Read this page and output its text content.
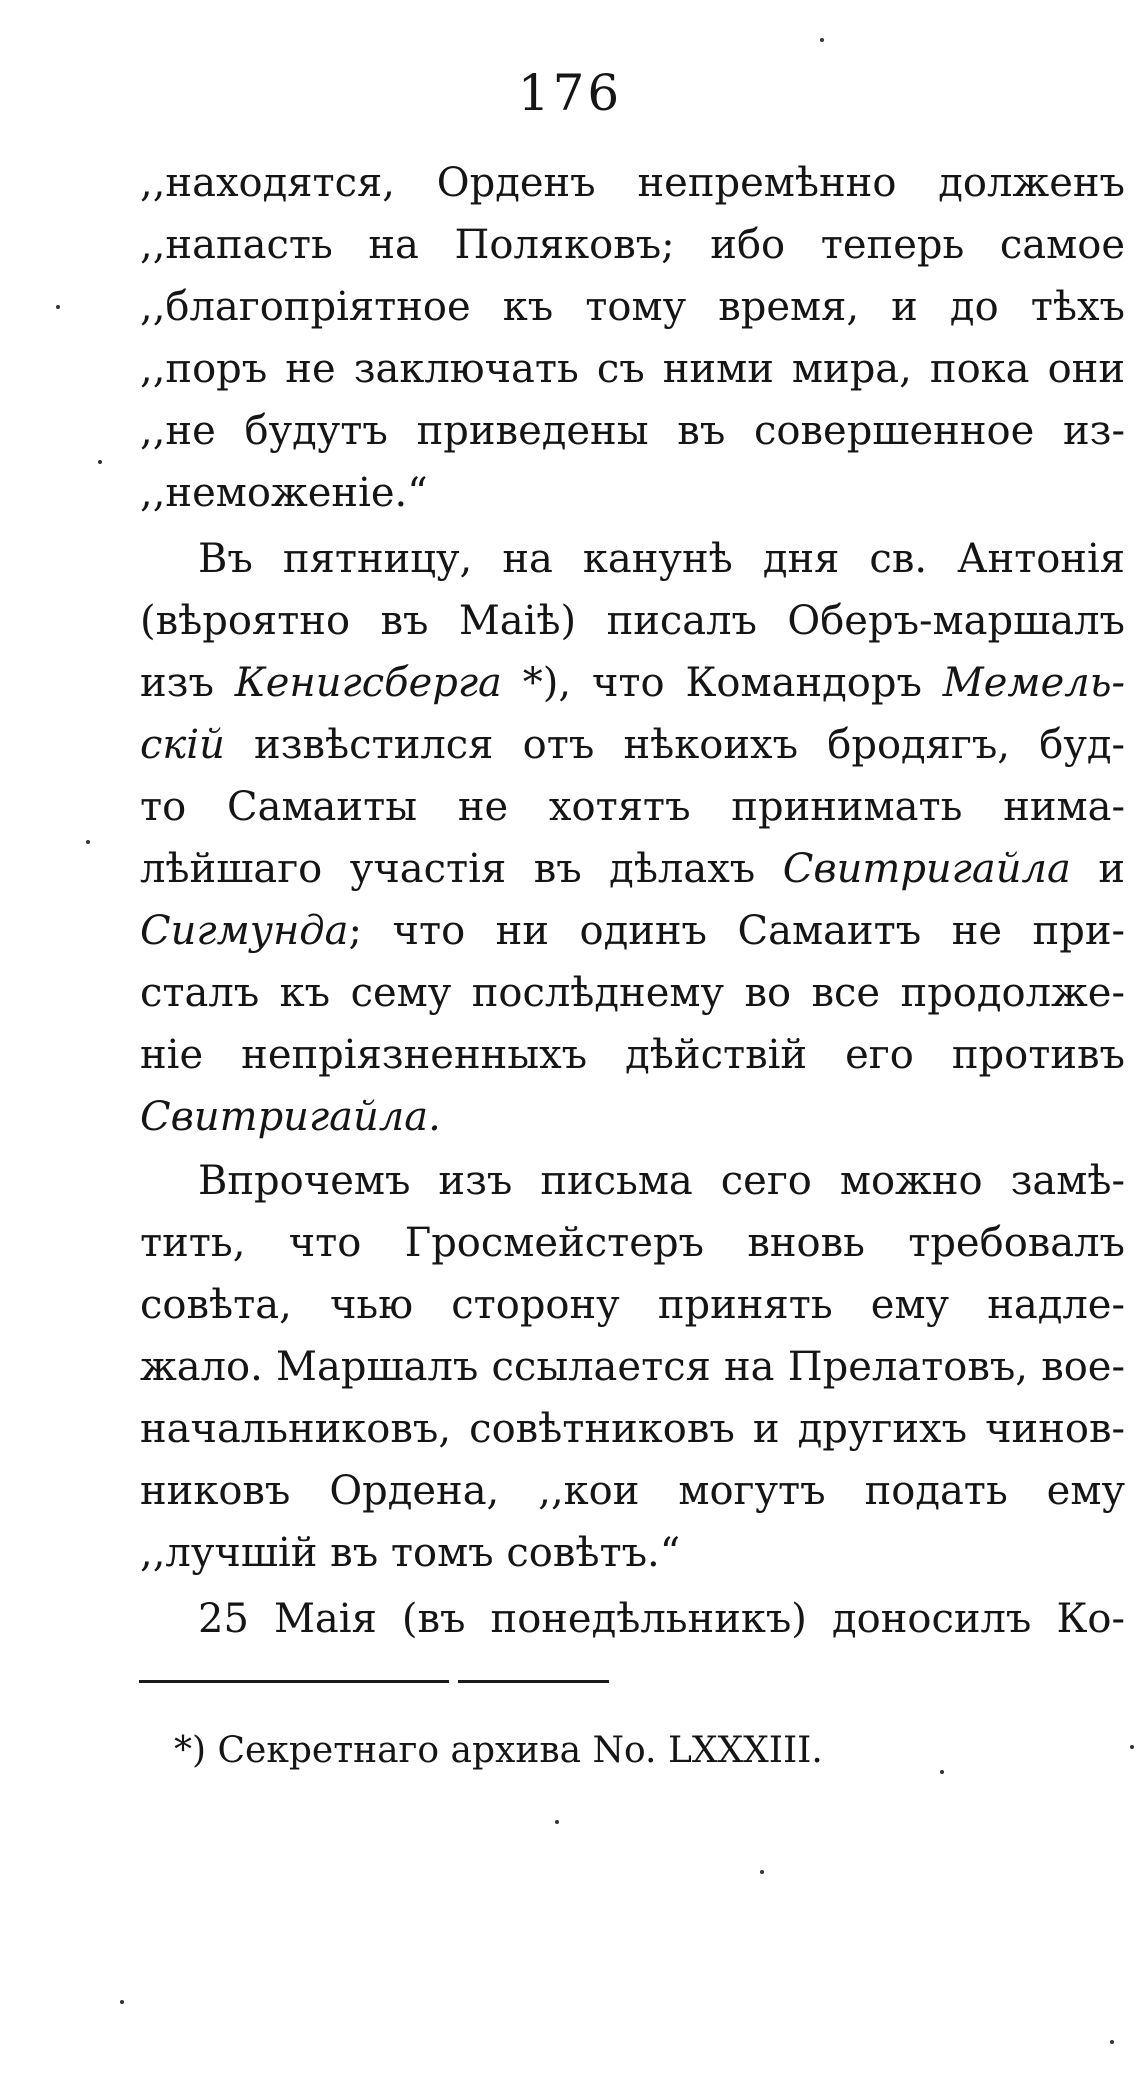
176
,,находятся, Орденъ непремѣнно долженъ
,,напасть на Поляковъ; ибо теперь самое
,,благопріятное къ тому время, и до тѣхъ
,,поръ не заключать съ ними мира, пока они
,,не будутъ приведены въ совершенное из-
,,неможеніе.“
Въ пятницу, на канунѣ дня св. Антонія
(вѣроятно въ Маіѣ) писалъ Оберъ-маршалъ
изъ Кенигсберга *), что Командоръ Мемель-
скій извѣстился отъ нѣкоихъ бродягъ, буд-
то Самаиты не хотятъ принимать нима-
лѣйшаго участія въ дѣлахъ Свитригайла и
Сигмунда; что ни одинъ Самаитъ не при-
сталъ къ сему послѣднему во все продолже-
ніе непріязненныхъ дѣйствій его противъ
Свитригайла.
Впрочемъ изъ письма сего можно замѣ-
тить, что Гросмейстеръ вновь требовалъ
совѣта, чью сторону принять ему надле-
жало. Маршалъ ссылается на Прелатовъ, вое-
начальниковъ, совѣтниковъ и другихъ чинов-
никовъ Ордена, ,,кои могутъ подать ему
,,лучшій въ томъ совѣтъ.“
25 Маія (въ понедѣльникъ) доносилъ Ко-
*) Секретнаго архива No. LXXXIII.
